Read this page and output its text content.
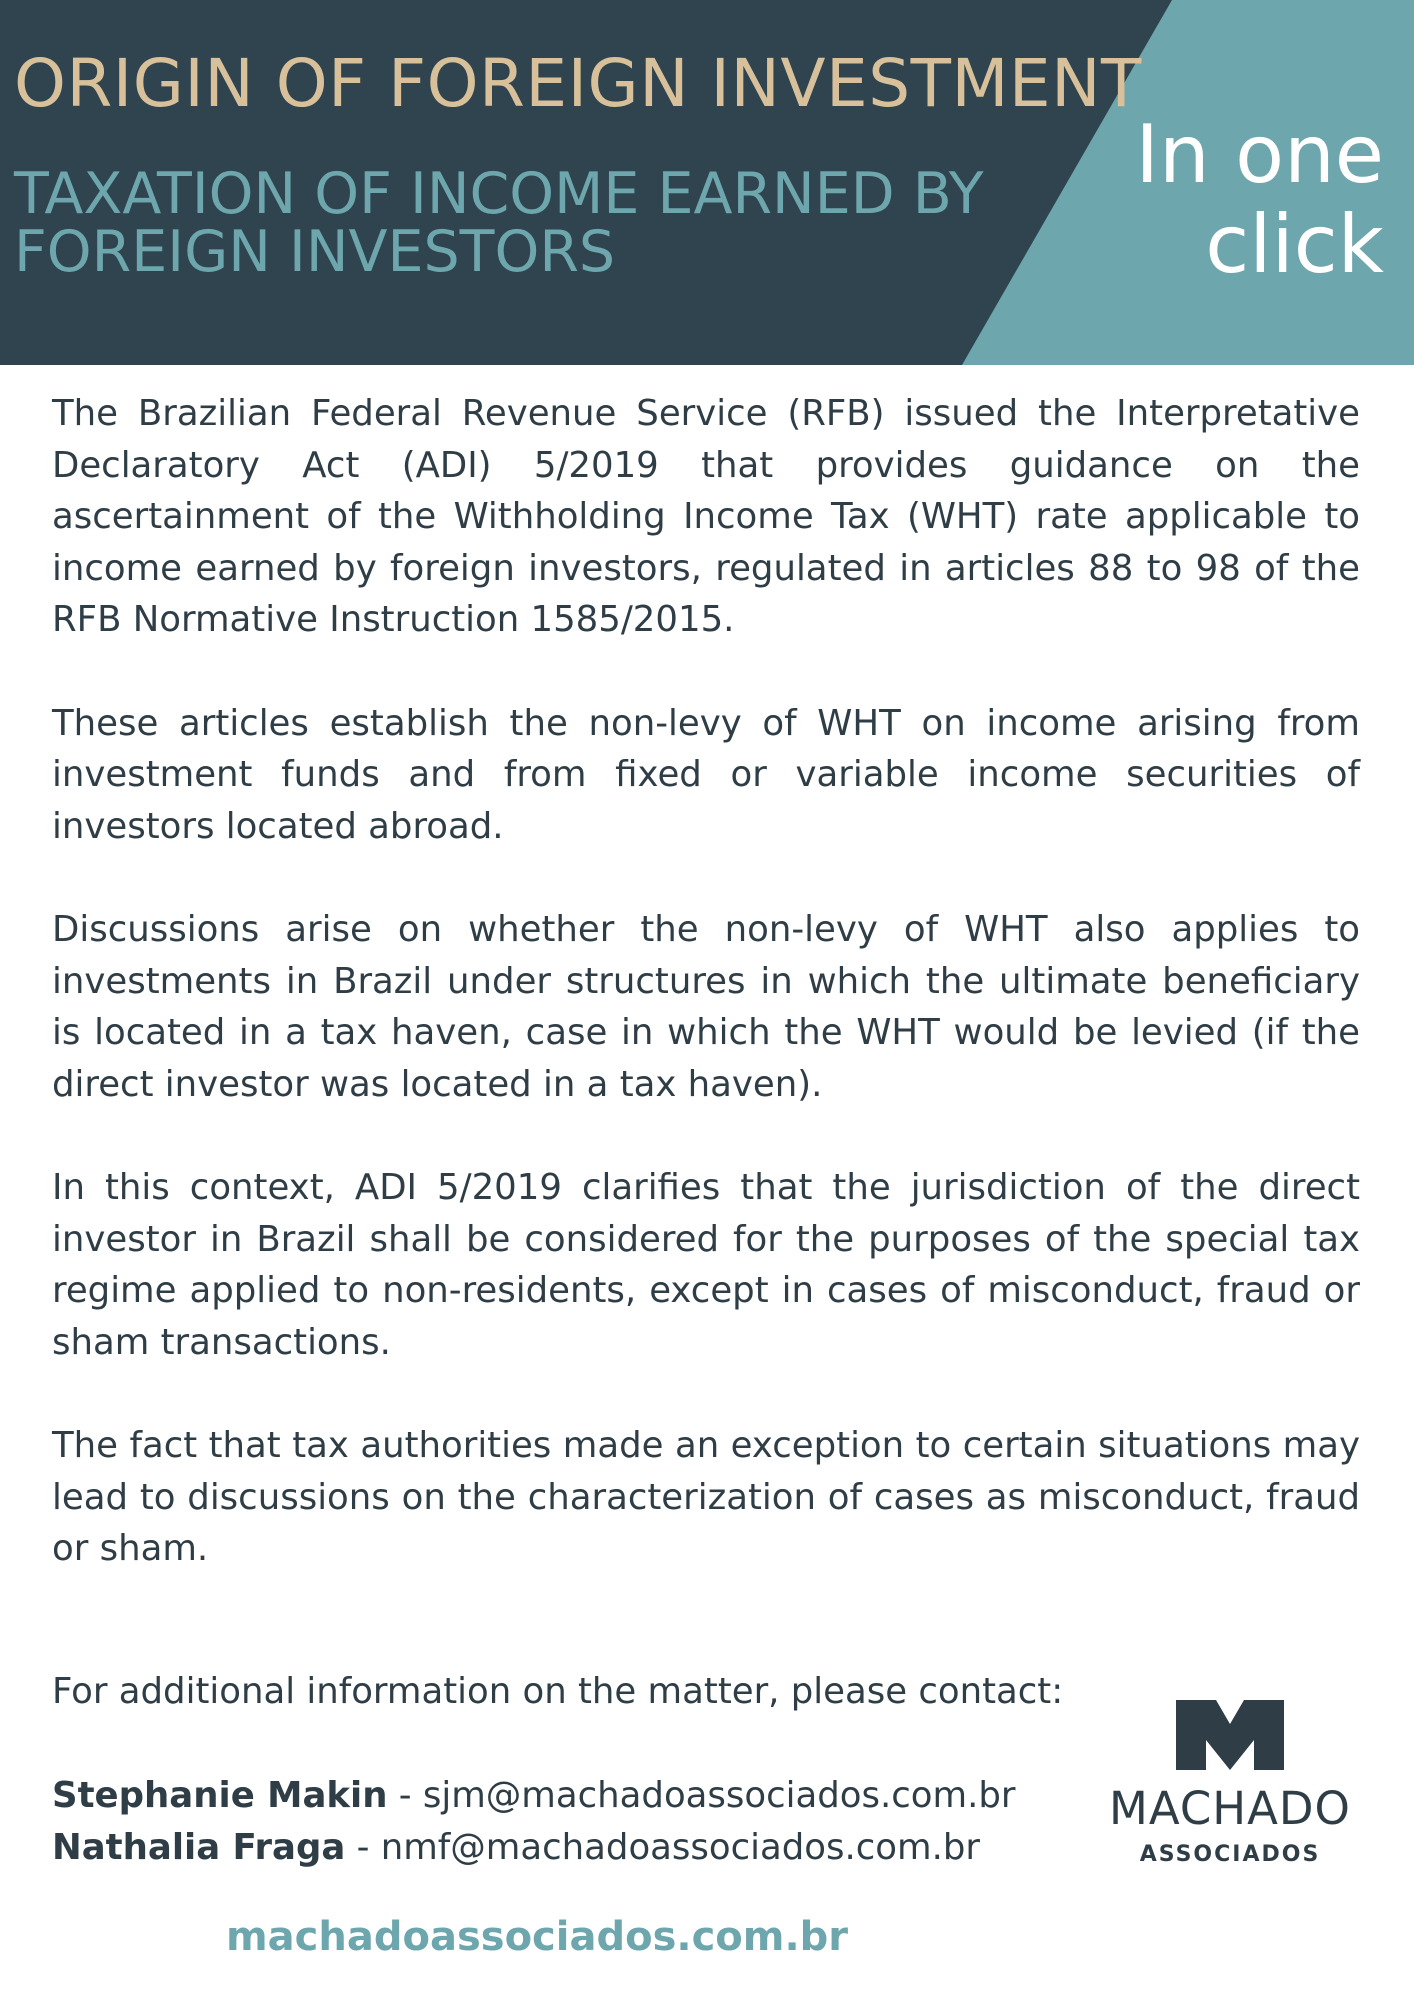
ORIGIN OF FOREIGN INVESTMENT
TAXATION OF INCOME EARNED BY
FOREIGN INVESTORS
In one
click

The Brazilian Federal Revenue Service (RFB) issued the Interpretative Declaratory Act (ADI) 5/2019 that provides guidance on the ascertainment of the Withholding Income Tax (WHT) rate applicable to income earned by foreign investors, regulated in articles 88 to 98 of the RFB Normative Instruction 1585/2015.

These articles establish the non-levy of WHT on income arising from investment funds and from fixed or variable income securities of investors located abroad.

Discussions arise on whether the non-levy of WHT also applies to investments in Brazil under structures in which the ultimate beneficiary is located in a tax haven, case in which the WHT would be levied (if the direct investor was located in a tax haven).

In this context, ADI 5/2019 clarifies that the jurisdiction of the direct investor in Brazil shall be considered for the purposes of the special tax regime applied to non-residents, except in cases of misconduct, fraud or sham transactions.

The fact that tax authorities made an exception to certain situations may lead to discussions on the characterization of cases as misconduct, fraud or sham.

For additional information on the matter, please contact:

Stephanie Makin - sjm@machadoassociados.com.br

Nathalia Fraga - nmf@machadoassociados.com.br

MACHADO
ASSOCIADOS
machadoassociados.com.br
